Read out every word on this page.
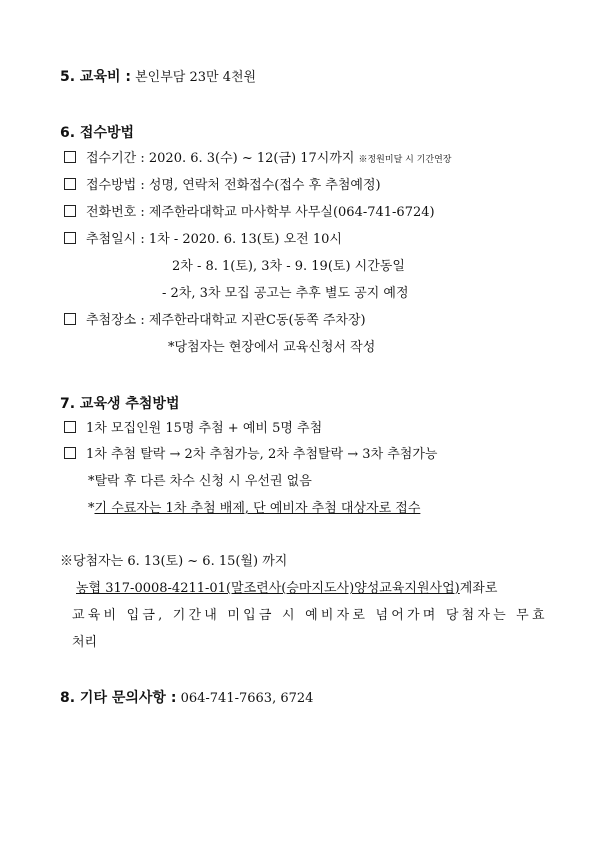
5. 교육비 : 본인부담 23만 4천원
6. 접수방법
접수기간 : 2020. 6. 3(수) ~ 12(금) 17시까지 ※정원미달 시 기간연장
접수방법 : 성명, 연락처 전화접수(접수 후 추첨예정)
전화번호 : 제주한라대학교 마사학부 사무실(064-741-6724)
추첨일시 : 1차 - 2020. 6. 13(토) 오전 10시
2차 - 8. 1(토), 3차 - 9. 19(토) 시간동일
- 2차, 3차 모집 공고는 추후 별도 공지 예정
추첨장소 : 제주한라대학교 지관C동(동쪽 주차장)
*당첨자는 현장에서 교육신청서 작성
7. 교육생 추첨방법
1차 모집인원 15명 추첨 + 예비 5명 추첨
1차 추첨 탈락 → 2차 추첨가능, 2차 추첨탈락 → 3차 추첨가능
*탈락 후 다른 차수 신청 시 우선권 없음
*기 수료자는 1차 추첨 배제, 단 예비자 추첨 대상자로 접수
※당첨자는 6. 13(토) ~ 6. 15(월) 까지
농협 317-0008-4211-01(말조련사(승마지도사)양성교육지원사업)계좌로
교육비 입금, 기간내 미입금 시 예비자로 넘어가며 당첨자는 무효
처리
8. 기타 문의사항 : 064-741-7663, 6724
